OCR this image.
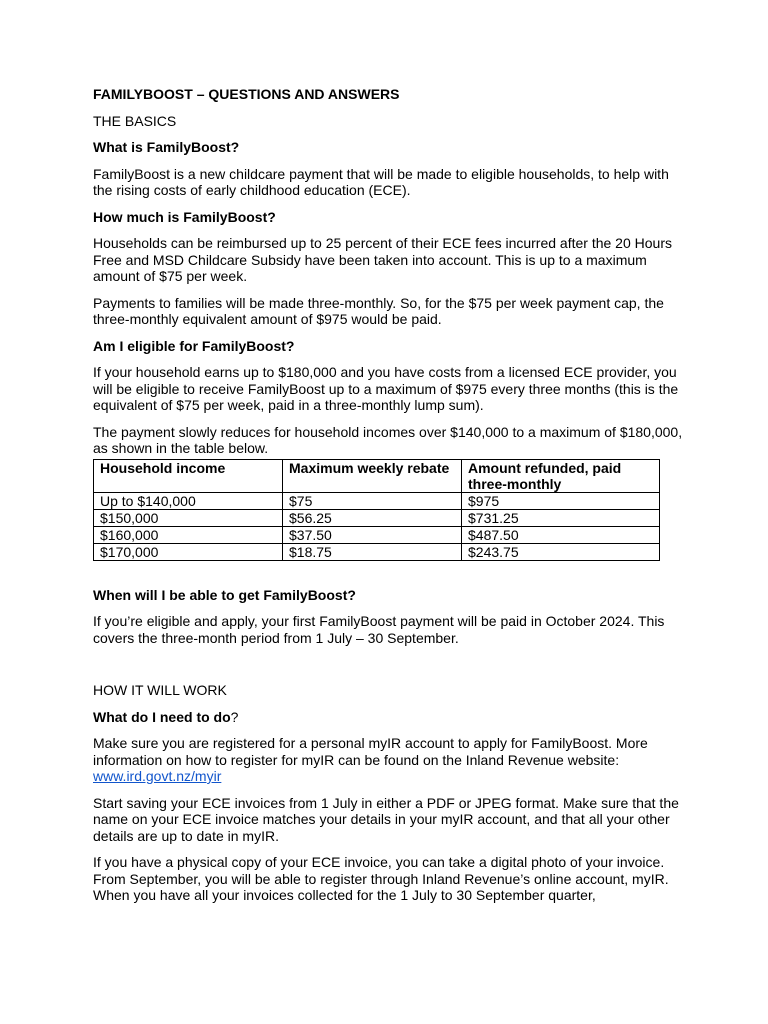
FAMILYBOOST – QUESTIONS AND ANSWERS

THE BASICS

What is FamilyBoost?

FamilyBoost is a new childcare payment that will be made to eligible households, to help with the rising costs of early childhood education (ECE).

How much is FamilyBoost?

Households can be reimbursed up to 25 percent of their ECE fees incurred after the 20 Hours Free and MSD Childcare Subsidy have been taken into account. This is up to a maximum amount of $75 per week.

Payments to families will be made three-monthly. So, for the $75 per week payment cap, the three-monthly equivalent amount of $975 would be paid.

Am I eligible for FamilyBoost?

If your household earns up to $180,000 and you have costs from a licensed ECE provider, you will be eligible to receive FamilyBoost up to a maximum of $975 every three months (this is the equivalent of $75 per week, paid in a three-monthly lump sum).

The payment slowly reduces for household incomes over $140,000 to a maximum of $180,000, as shown in the table below.

Household income	Maximum weekly rebate	Amount refunded, paid three-monthly
Up to $140,000	$75	$975
$150,000	$56.25	$731.25
$160,000	$37.50	$487.50
$170,000	$18.75	$243.75

When will I be able to get FamilyBoost?

If you’re eligible and apply, your first FamilyBoost payment will be paid in October 2024. This covers the three-month period from 1 July – 30 September.

HOW IT WILL WORK

What do I need to do?

Make sure you are registered for a personal myIR account to apply for FamilyBoost. More information on how to register for myIR can be found on the Inland Revenue website:
www.ird.govt.nz/myir

Start saving your ECE invoices from 1 July in either a PDF or JPEG format. Make sure that the name on your ECE invoice matches your details in your myIR account, and that all your other details are up to date in myIR.

If you have a physical copy of your ECE invoice, you can take a digital photo of your invoice. From September, you will be able to register through Inland Revenue’s online account, myIR. When you have all your invoices collected for the 1 July to 30 September quarter,
